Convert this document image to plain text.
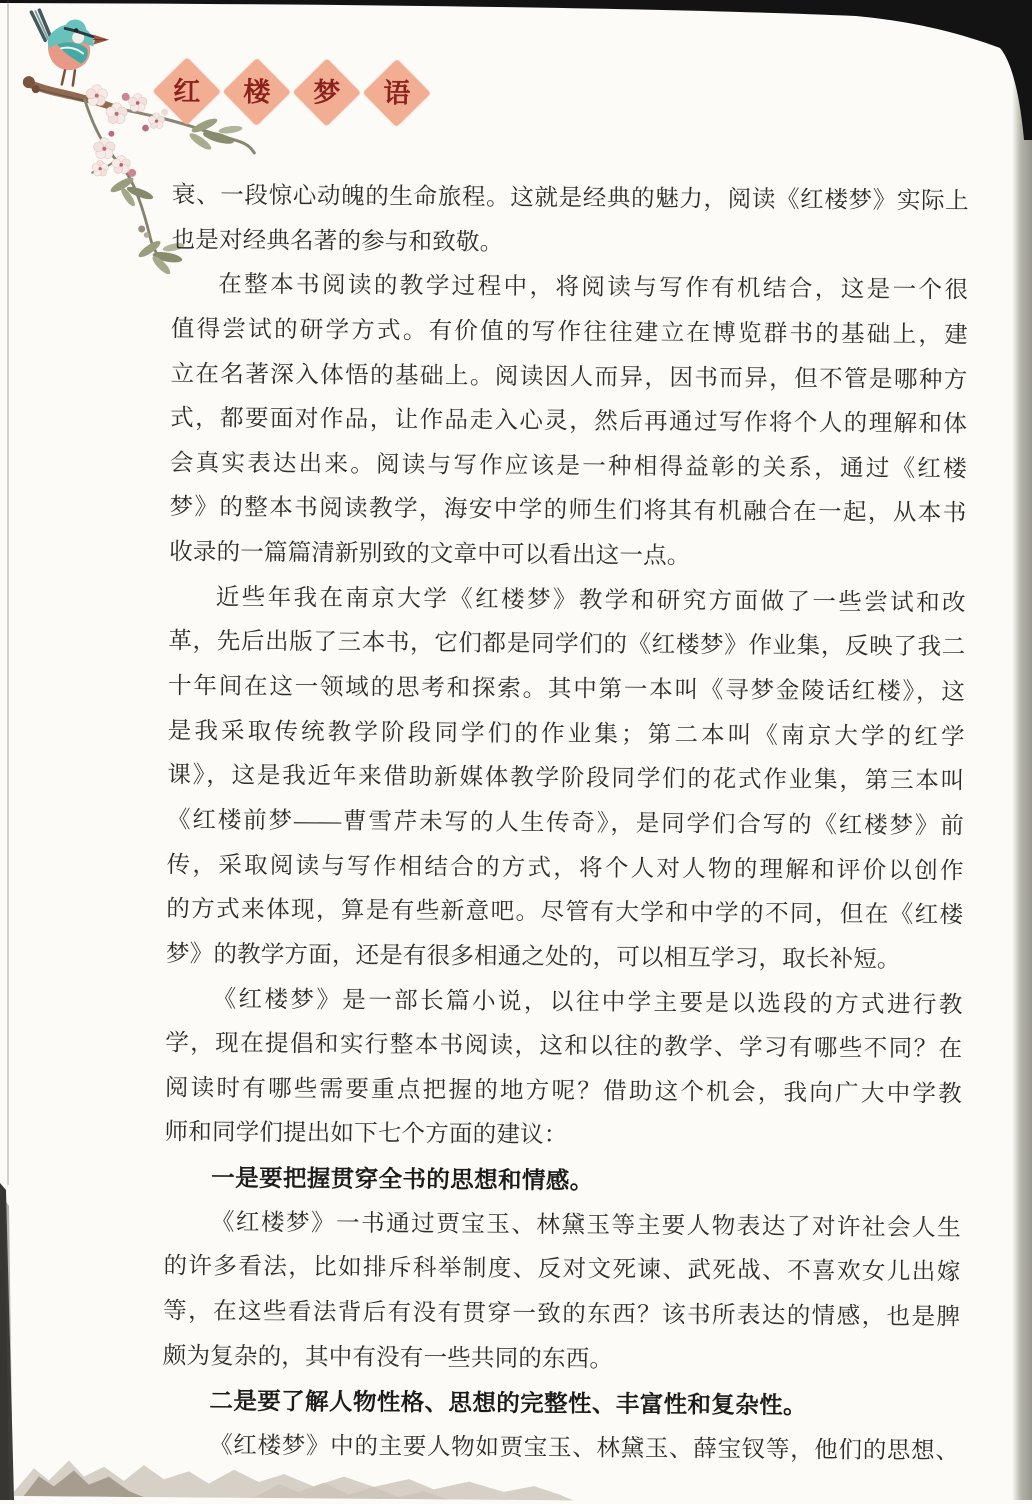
红 楼 梦 语
衰、一段惊心动魄的生命旅程。这就是经典的魅力，阅读《红楼梦》实际上
也是对经典名著的参与和致敬。
在整本书阅读的教学过程中，将阅读与写作有机结合，这是一个很
值得尝试的研学方式。有价值的写作往往建立在博览群书的基础上，建
立在名著深入体悟的基础上。阅读因人而异，因书而异，但不管是哪种方
式，都要面对作品，让作品走入心灵，然后再通过写作将个人的理解和体
会真实表达出来。阅读与写作应该是一种相得益彰的关系，通过《红楼
梦》的整本书阅读教学，海安中学的师生们将其有机融合在一起，从本书
收录的一篇篇清新别致的文章中可以看出这一点。
近些年我在南京大学《红楼梦》教学和研究方面做了一些尝试和改
革，先后出版了三本书，它们都是同学们的《红楼梦》作业集，反映了我二
十年间在这一领域的思考和探索。其中第一本叫《寻梦金陵话红楼》，这
是我采取传统教学阶段同学们的作业集；第二本叫《南京大学的红学
课》，这是我近年来借助新媒体教学阶段同学们的花式作业集，第三本叫
《红楼前梦——曹雪芹未写的人生传奇》，是同学们合写的《红楼梦》前
传，采取阅读与写作相结合的方式，将个人对人物的理解和评价以创作
的方式来体现，算是有些新意吧。尽管有大学和中学的不同，但在《红楼
梦》的教学方面，还是有很多相通之处的，可以相互学习，取长补短。
《红楼梦》是一部长篇小说，以往中学主要是以选段的方式进行教
学，现在提倡和实行整本书阅读，这和以往的教学、学习有哪些不同？在
阅读时有哪些需要重点把握的地方呢？借助这个机会，我向广大中学教
师和同学们提出如下七个方面的建议：
一是要把握贯穿全书的思想和情感。
《红楼梦》一书通过贾宝玉、林黛玉等主要人物表达了对许社会人生
的许多看法，比如排斥科举制度、反对文死谏、武死战、不喜欢女儿出嫁
等，在这些看法背后有没有贯穿一致的东西？该书所表达的情感，也是脾
颇为复杂的，其中有没有一些共同的东西。
二是要了解人物性格、思想的完整性、丰富性和复杂性。
《红楼梦》中的主要人物如贾宝玉、林黛玉、薛宝钗等，他们的思想、
